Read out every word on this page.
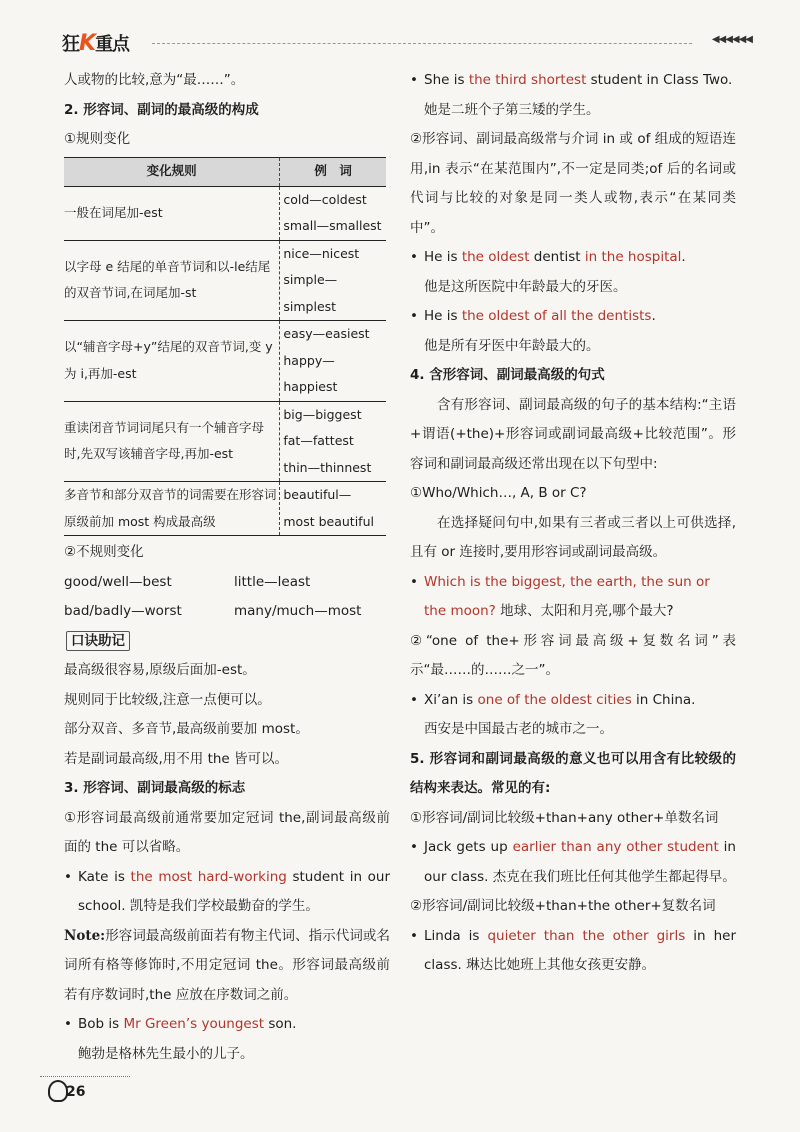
狂K重点	◀◀◀◀◀◀

人或物的比较,意为“最……”。

2. 形容词、副词的最高级的构成

①规则变化

变化规则	例　词
一般在词尾加-est	cold—coldest
small—smallest

以字母 e 结尾的单音节词和以-le结尾的双音节词,在词尾加-st	nice—nicest
simple—simplest

以“辅音字母+y”结尾的双音节词,变 y 为 i,再加-est	easy—easiest
happy—happiest

重读闭音节词词尾只有一个辅音字母时,先双写该辅音字母,再加-est	big—biggest
fat—fattest
thin—thinnest

多音节和部分双音节的词需要在形容词原级前加 most 构成最高级	beautiful—
most beautiful

②不规则变化

good/well—best	little—least
bad/badly—worst	many/much—most

口诀助记

最高级很容易,原级后面加-est。

规则同于比较级,注意一点便可以。

部分双音、多音节,最高级前要加 most。

若是副词最高级,用不用 the 皆可以。

3. 形容词、副词最高级的标志

①形容词最高级前通常要加定冠词 the,副词最高级前面的 the 可以省略。

• Kate is the most hard-working student in our school. 凯特是我们学校最勤奋的学生。

Note:形容词最高级前面若有物主代词、指示代词或名词所有格等修饰时,不用定冠词 the。形容词最高级前若有序数词时,the 应放在序数词之前。

• Bob is Mr Green’s youngest son.

鲍勃是格林先生最小的儿子。

• She is the third shortest student in Class Two.

她是二班个子第三矮的学生。

②形容词、副词最高级常与介词 in 或 of 组成的短语连用,in 表示“在某范围内”,不一定是同类;of 后的名词或代词与比较的对象是同一类人或物,表示“在某同类中”。

• He is the oldest dentist in the hospital.

他是这所医院中年龄最大的牙医。

• He is the oldest of all the dentists.

他是所有牙医中年龄最大的。

4. 含形容词、副词最高级的句式

含有形容词、副词最高级的句子的基本结构:“主语+谓语(+the)+形容词或副词最高级+比较范围”。形容词和副词最高级还常出现在以下句型中:

①Who/Which…, A, B or C?

在选择疑问句中,如果有三者或三者以上可供选择,且有 or 连接时,要用形容词或副词最高级。

• Which is the biggest, the earth, the sun or the moon? 地球、太阳和月亮,哪个最大?

②“one of the+形容词最高级+复数名词”表示“最……的……之一”。

• Xi’an is one of the oldest cities in China.

西安是中国最古老的城市之一。

5. 形容词和副词最高级的意义也可以用含有比较级的结构来表达。常见的有:

①形容词/副词比较级+than+any other+单数名词

• Jack gets up earlier than any other student in our class. 杰克在我们班比任何其他学生都起得早。

②形容词/副词比较级+than+the other+复数名词

• Linda is quieter than the other girls in her class. 琳达比她班上其他女孩更安静。

26
